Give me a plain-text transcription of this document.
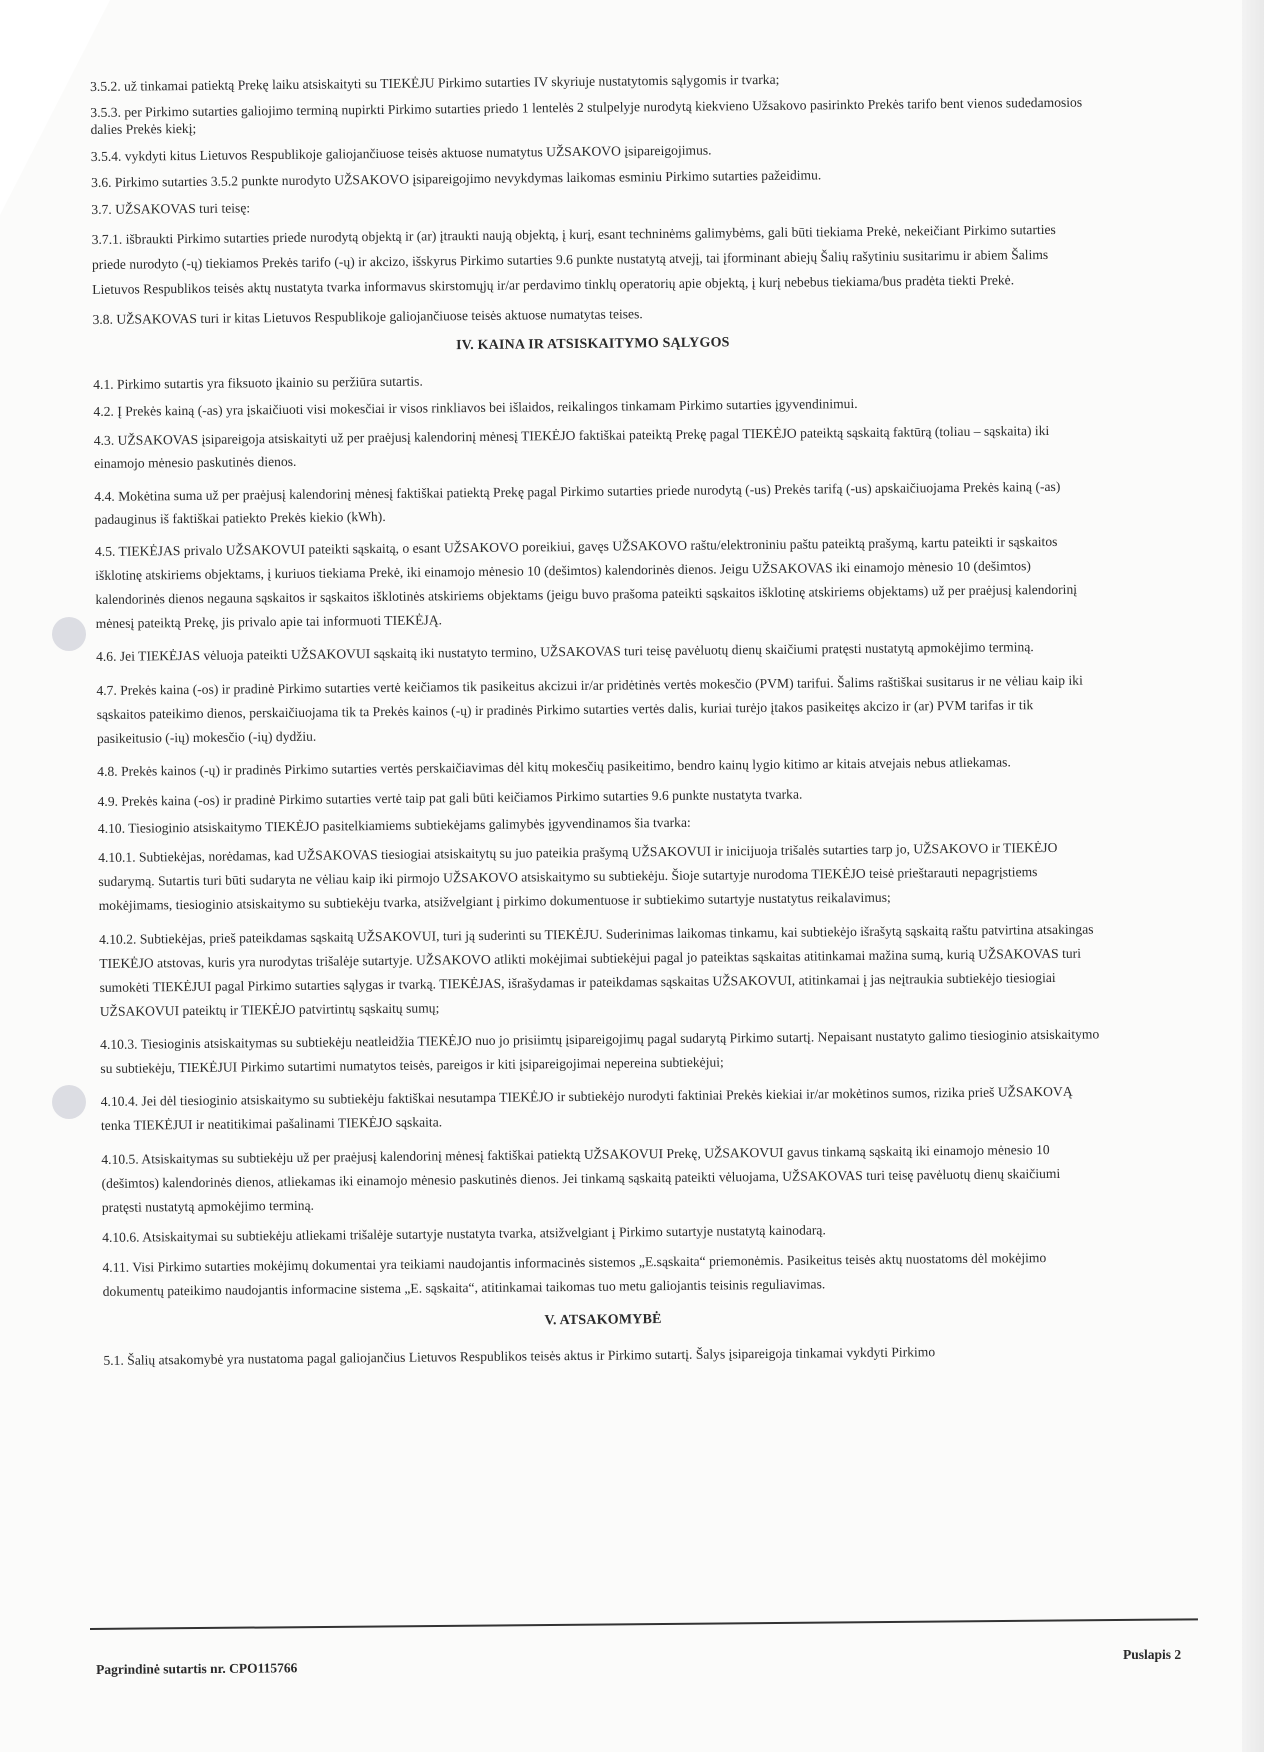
3.5.2. už tinkamai patiektą Prekę laiku atsiskaityti su TIEKĖJU Pirkimo sutarties IV skyriuje nustatytomis sąlygomis ir tvarka;

3.5.3. per Pirkimo sutarties galiojimo terminą nupirkti Pirkimo sutarties priedo 1 lentelės 2 stulpelyje nurodytą kiekvieno Užsakovo pasirinkto Prekės tarifo bent vienos sudedamosios dalies Prekės kiekį;

3.5.4. vykdyti kitus Lietuvos Respublikoje galiojančiuose teisės aktuose numatytus UŽSAKOVO įsipareigojimus.

3.6. Pirkimo sutarties 3.5.2 punkte nurodyto UŽSAKOVO įsipareigojimo nevykdymas laikomas esminiu Pirkimo sutarties pažeidimu.

3.7. UŽSAKOVAS turi teisę:

3.7.1. išbraukti Pirkimo sutarties priede nurodytą objektą ir (ar) įtraukti naują objektą, į kurį, esant techninėms galimybėms, gali būti tiekiama Prekė, nekeičiant Pirkimo sutarties priede nurodyto (-ų) tiekiamos Prekės tarifo (-ų) ir akcizo, išskyrus Pirkimo sutarties 9.6 punkte nustatytą atvejį, tai įforminant abiejų Šalių rašytiniu susitarimu ir abiem Šalims Lietuvos Respublikos teisės aktų nustatyta tvarka informavus skirstomųjų ir/ar perdavimo tinklų operatorių apie objektą, į kurį nebebus tiekiama/bus pradėta tiekti Prekė.

3.8. UŽSAKOVAS turi ir kitas Lietuvos Respublikoje galiojančiuose teisės aktuose numatytas teises.

IV. KAINA IR ATSISKAITYMO SĄLYGOS

4.1. Pirkimo sutartis yra fiksuoto įkainio su peržiūra sutartis.

4.2. Į Prekės kainą (-as) yra įskaičiuoti visi mokesčiai ir visos rinkliavos bei išlaidos, reikalingos tinkamam Pirkimo sutarties įgyvendinimui.

4.3. UŽSAKOVAS įsipareigoja atsiskaityti už per praėjusį kalendorinį mėnesį TIEKĖJO faktiškai pateiktą Prekę pagal TIEKĖJO pateiktą sąskaitą faktūrą (toliau – sąskaita) iki einamojo mėnesio paskutinės dienos.

4.4. Mokėtina suma už per praėjusį kalendorinį mėnesį faktiškai patiektą Prekę pagal Pirkimo sutarties priede nurodytą (-us) Prekės tarifą (-us) apskaičiuojama Prekės kainą (-as) padauginus iš faktiškai patiekto Prekės kiekio (kWh).

4.5. TIEKĖJAS privalo UŽSAKOVUI pateikti sąskaitą, o esant UŽSAKOVO poreikiui, gavęs UŽSAKOVO raštu/elektroniniu paštu pateiktą prašymą, kartu pateikti ir sąskaitos išklotinę atskiriems objektams, į kuriuos tiekiama Prekė, iki einamojo mėnesio 10 (dešimtos) kalendorinės dienos. Jeigu UŽSAKOVAS iki einamojo mėnesio 10 (dešimtos) kalendorinės dienos negauna sąskaitos ir sąskaitos išklotinės atskiriems objektams (jeigu buvo prašoma pateikti sąskaitos išklotinę atskiriems objektams) už per praėjusį kalendorinį mėnesį pateiktą Prekę, jis privalo apie tai informuoti TIEKĖJĄ.

4.6. Jei TIEKĖJAS vėluoja pateikti UŽSAKOVUI sąskaitą iki nustatyto termino, UŽSAKOVAS turi teisę pavėluotų dienų skaičiumi pratęsti nustatytą apmokėjimo terminą.

4.7. Prekės kaina (-os) ir pradinė Pirkimo sutarties vertė keičiamos tik pasikeitus akcizui ir/ar pridėtinės vertės mokesčio (PVM) tarifui. Šalims raštiškai susitarus ir ne vėliau kaip iki sąskaitos pateikimo dienos, perskaičiuojama tik ta Prekės kainos (-ų) ir pradinės Pirkimo sutarties vertės dalis, kuriai turėjo įtakos pasikeitęs akcizo ir (ar) PVM tarifas ir tik pasikeitusio (-ių) mokesčio (-ių) dydžiu.

4.8. Prekės kainos (-ų) ir pradinės Pirkimo sutarties vertės perskaičiavimas dėl kitų mokesčių pasikeitimo, bendro kainų lygio kitimo ar kitais atvejais nebus atliekamas.

4.9. Prekės kaina (-os) ir pradinė Pirkimo sutarties vertė taip pat gali būti keičiamos Pirkimo sutarties 9.6 punkte nustatyta tvarka.

4.10. Tiesioginio atsiskaitymo TIEKĖJO pasitelkiamiems subtiekėjams galimybės įgyvendinamos šia tvarka:

4.10.1. Subtiekėjas, norėdamas, kad UŽSAKOVAS tiesiogiai atsiskaitytų su juo pateikia prašymą UŽSAKOVUI ir inicijuoja trišalės sutarties tarp jo, UŽSAKOVO ir TIEKĖJO sudarymą. Sutartis turi būti sudaryta ne vėliau kaip iki pirmojo UŽSAKOVO atsiskaitymo su subtiekėju. Šioje sutartyje nurodoma TIEKĖJO teisė prieštarauti nepagrįstiems mokėjimams, tiesioginio atsiskaitymo su subtiekėju tvarka, atsižvelgiant į pirkimo dokumentuose ir subtiekimo sutartyje nustatytus reikalavimus;

4.10.2. Subtiekėjas, prieš pateikdamas sąskaitą UŽSAKOVUI, turi ją suderinti su TIEKĖJU. Suderinimas laikomas tinkamu, kai subtiekėjo išrašytą sąskaitą raštu patvirtina atsakingas TIEKĖJO atstovas, kuris yra nurodytas trišalėje sutartyje. UŽSAKOVO atlikti mokėjimai subtiekėjui pagal jo pateiktas sąskaitas atitinkamai mažina sumą, kurią UŽSAKOVAS turi sumokėti TIEKĖJUI pagal Pirkimo sutarties sąlygas ir tvarką. TIEKĖJAS, išrašydamas ir pateikdamas sąskaitas UŽSAKOVUI, atitinkamai į jas neįtraukia subtiekėjo tiesiogiai UŽSAKOVUI pateiktų ir TIEKĖJO patvirtintų sąskaitų sumų;

4.10.3. Tiesioginis atsiskaitymas su subtiekėju neatleidžia TIEKĖJO nuo jo prisiimtų įsipareigojimų pagal sudarytą Pirkimo sutartį. Nepaisant nustatyto galimo tiesioginio atsiskaitymo su subtiekėju, TIEKĖJUI Pirkimo sutartimi numatytos teisės, pareigos ir kiti įsipareigojimai nepereina subtiekėjui;

4.10.4. Jei dėl tiesioginio atsiskaitymo su subtiekėju faktiškai nesutampa TIEKĖJO ir subtiekėjo nurodyti faktiniai Prekės kiekiai ir/ar mokėtinos sumos, rizika prieš UŽSAKOVĄ tenka TIEKĖJUI ir neatitikimai pašalinami TIEKĖJO sąskaita.

4.10.5. Atsiskaitymas su subtiekėju už per praėjusį kalendorinį mėnesį faktiškai patiektą UŽSAKOVUI Prekę, UŽSAKOVUI gavus tinkamą sąskaitą iki einamojo mėnesio 10 (dešimtos) kalendorinės dienos, atliekamas iki einamojo mėnesio paskutinės dienos. Jei tinkamą sąskaitą pateikti vėluojama, UŽSAKOVAS turi teisę pavėluotų dienų skaičiumi pratęsti nustatytą apmokėjimo terminą.

4.10.6. Atsiskaitymai su subtiekėju atliekami trišalėje sutartyje nustatyta tvarka, atsižvelgiant į Pirkimo sutartyje nustatytą kainodarą.

4.11. Visi Pirkimo sutarties mokėjimų dokumentai yra teikiami naudojantis informacinės sistemos „E.sąskaita“ priemonėmis. Pasikeitus teisės aktų nuostatoms dėl mokėjimo dokumentų pateikimo naudojantis informacine sistema „E. sąskaita“, atitinkamai taikomas tuo metu galiojantis teisinis reguliavimas.

V. ATSAKOMYBĖ

5.1. Šalių atsakomybė yra nustatoma pagal galiojančius Lietuvos Respublikos teisės aktus ir Pirkimo sutartį. Šalys įsipareigoja tinkamai vykdyti Pirkimo

Pagrindinė sutartis nr. CPO115766
Puslapis 2
